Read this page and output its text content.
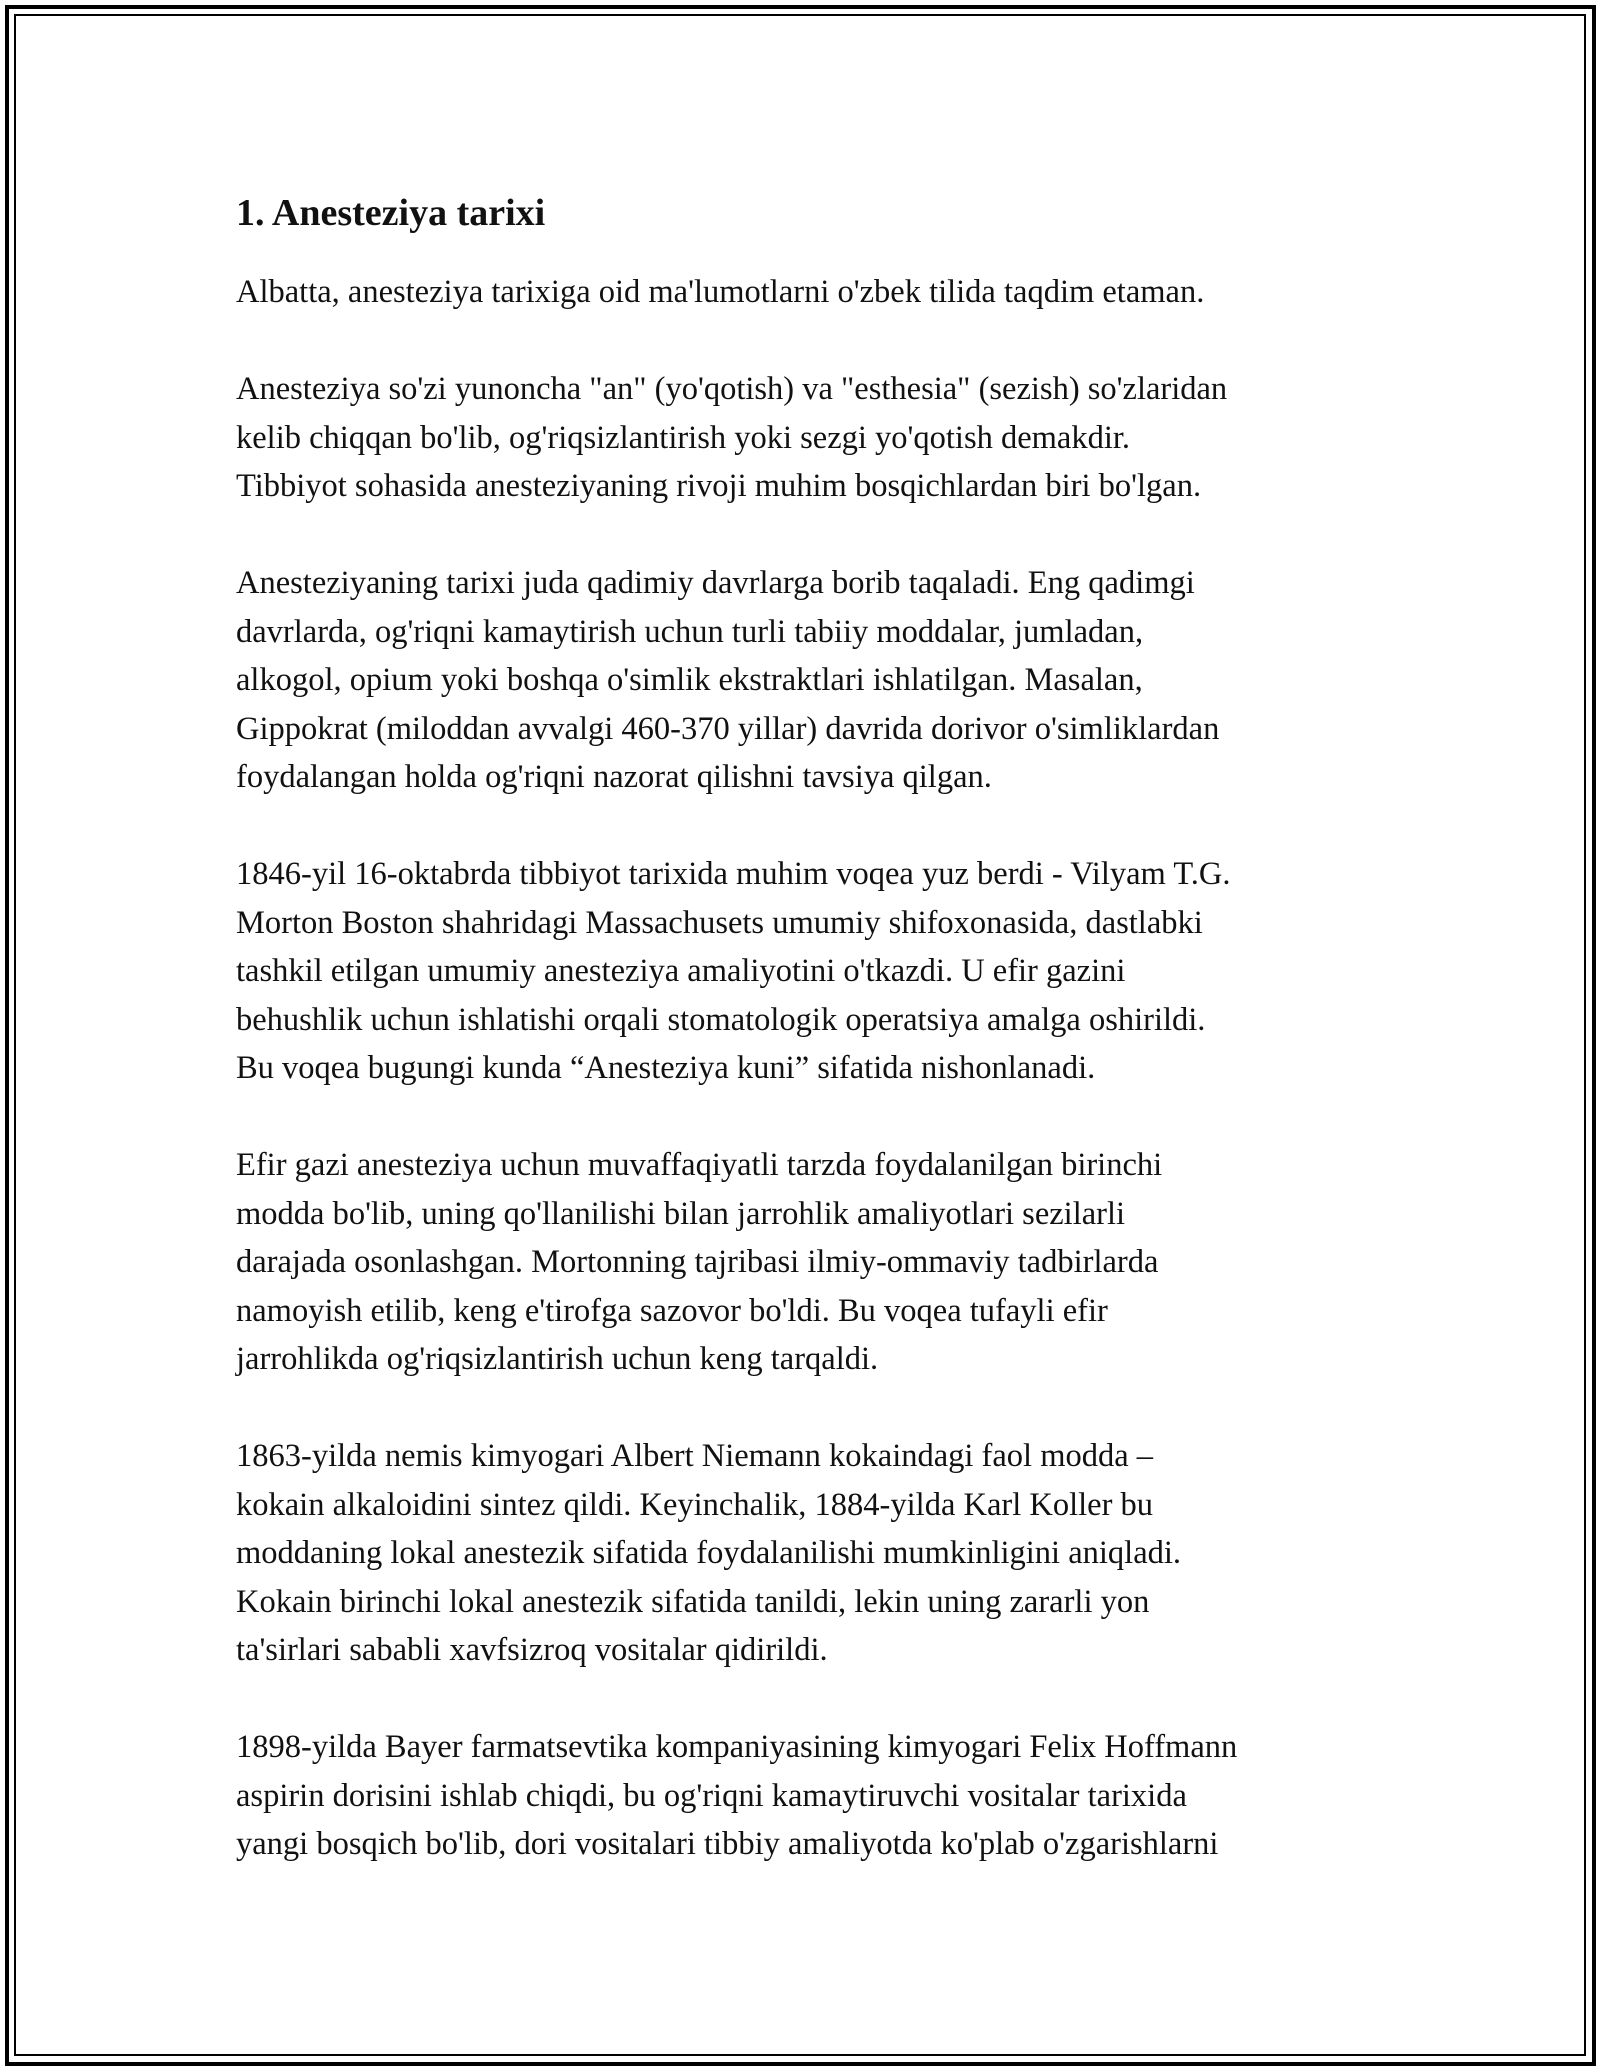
1. Anesteziya tarixi

Albatta, anesteziya tarixiga oid ma'lumotlarni o'zbek tilida taqdim etaman.

Anesteziya so'zi yunoncha "an" (yo'qotish) va "esthesia" (sezish) so'zlaridan
kelib chiqqan bo'lib, og'riqsizlantirish yoki sezgi yo'qotish demakdir.
Tibbiyot sohasida anesteziyaning rivoji muhim bosqichlardan biri bo'lgan.

Anesteziyaning tarixi juda qadimiy davrlarga borib taqaladi. Eng qadimgi
davrlarda, og'riqni kamaytirish uchun turli tabiiy moddalar, jumladan,
alkogol, opium yoki boshqa o'simlik ekstraktlari ishlatilgan. Masalan,
Gippokrat (miloddan avvalgi 460-370 yillar) davrida dorivor o'simliklardan
foydalangan holda og'riqni nazorat qilishni tavsiya qilgan.

1846-yil 16-oktabrda tibbiyot tarixida muhim voqea yuz berdi - Vilyam T.G.
Morton Boston shahridagi Massachusets umumiy shifoxonasida, dastlabki
tashkil etilgan umumiy anesteziya amaliyotini o'tkazdi. U efir gazini
behushlik uchun ishlatishi orqali stomatologik operatsiya amalga oshirildi.
Bu voqea bugungi kunda “Anesteziya kuni” sifatida nishonlanadi.

Efir gazi anesteziya uchun muvaffaqiyatli tarzda foydalanilgan birinchi
modda bo'lib, uning qo'llanilishi bilan jarrohlik amaliyotlari sezilarli
darajada osonlashgan. Mortonning tajribasi ilmiy-ommaviy tadbirlarda
namoyish etilib, keng e'tirofga sazovor bo'ldi. Bu voqea tufayli efir
jarrohlikda og'riqsizlantirish uchun keng tarqaldi.

1863-yilda nemis kimyogari Albert Niemann kokaindagi faol modda –
kokain alkaloidini sintez qildi. Keyinchalik, 1884-yilda Karl Koller bu
moddaning lokal anestezik sifatida foydalanilishi mumkinligini aniqladi.
Kokain birinchi lokal anestezik sifatida tanildi, lekin uning zararli yon
ta'sirlari sababli xavfsizroq vositalar qidirildi.

1898-yilda Bayer farmatsevtika kompaniyasining kimyogari Felix Hoffmann
aspirin dorisini ishlab chiqdi, bu og'riqni kamaytiruvchi vositalar tarixida
yangi bosqich bo'lib, dori vositalari tibbiy amaliyotda ko'plab o'zgarishlarni
